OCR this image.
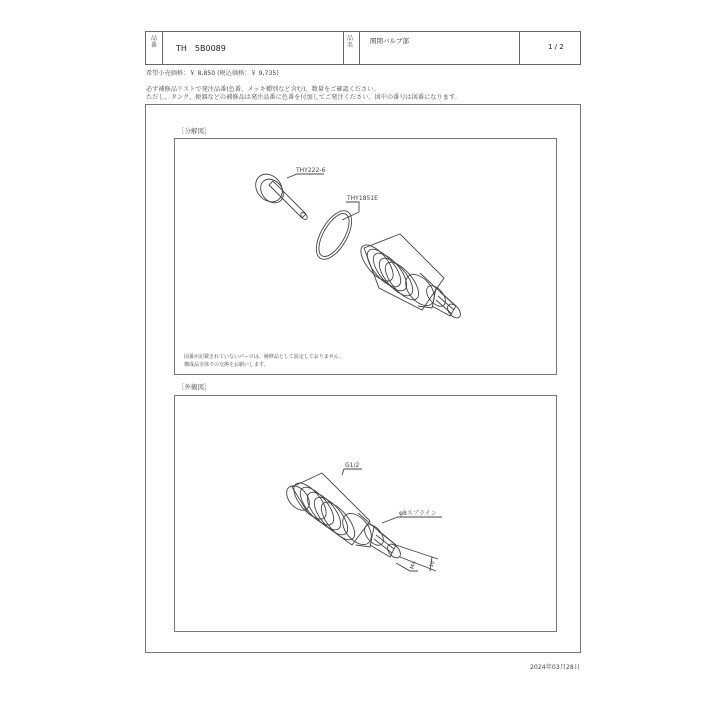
品番 TH　5B0089
品名
開閉バルブ部
1 / 2
希望小売価格：￥ 8,850 (税込価格：￥ 9,735)
必ず補修品リストで発注品番(色番、メッキ種別など含む)、数量をご確認ください。
ただし、タンク、便器などの補修品は発注品番に色番を付加してご発注ください。図中の番号は図番になります。
［分解図］
THY222-6
THY1851E
図番が記載されていないパーツは、補修品として設定しておりません。
構成品全体での交換をお願いします。
［外観図］
G1/2
φ8スプライン
M4 10
2024年03月28日
